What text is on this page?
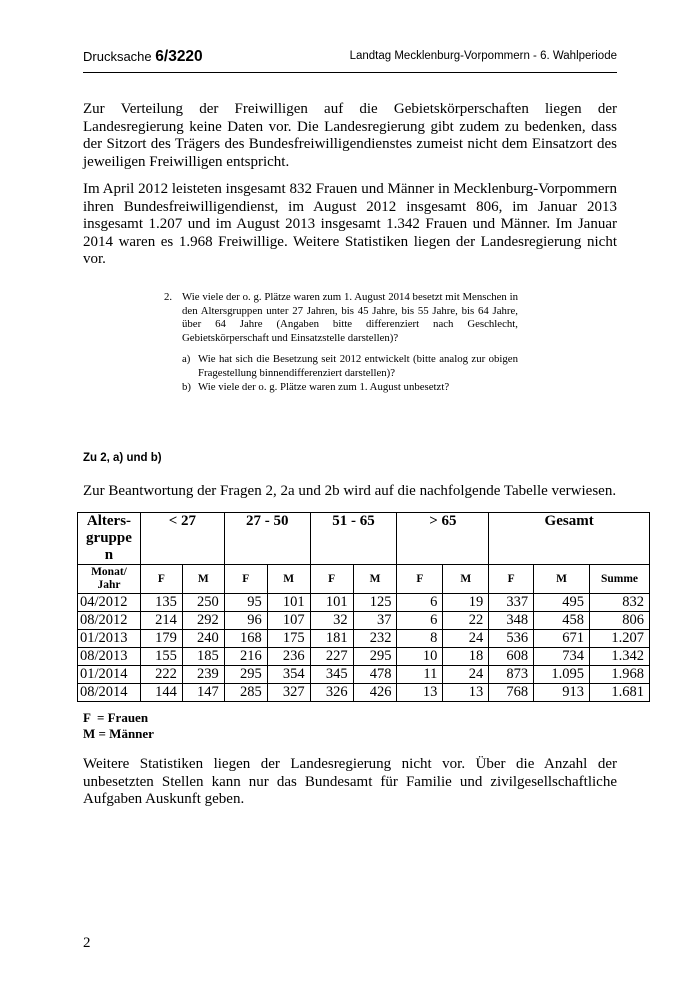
Drucksache 6/3220	Landtag Mecklenburg-Vorpommern - 6. Wahlperiode

Zur Verteilung der Freiwilligen auf die Gebietskörperschaften liegen der Landesregierung keine Daten vor. Die Landesregierung gibt zudem zu bedenken, dass der Sitzort des Trägers des Bundesfreiwilligendienstes zumeist nicht dem Einsatzort des jeweiligen Freiwilligen entspricht.

Im April 2012 leisteten insgesamt 832 Frauen und Männer in Mecklenburg-Vorpommern ihren Bundesfreiwilligendienst, im August 2012 insgesamt 806, im Januar 2013 insgesamt 1.207 und im August 2013 insgesamt 1.342 Frauen und Männer. Im Januar 2014 waren es 1.968 Freiwillige. Weitere Statistiken liegen der Landesregierung nicht vor.

2. Wie viele der o. g. Plätze waren zum 1. August 2014 besetzt mit Menschen in den Altersgruppen unter 27 Jahren, bis 45 Jahre, bis 55 Jahre, bis 64 Jahre, über 64 Jahre (Angaben bitte differenziert nach Geschlecht, Gebietskörperschaft und Einsatzstelle darstellen)?

a) Wie hat sich die Besetzung seit 2012 entwickelt (bitte analog zur obigen Fragestellung binnendifferenziert darstellen)?

b) Wie viele der o. g. Plätze waren zum 1. August unbesetzt?

Zu 2, a) und b)

Zur Beantwortung der Fragen 2, 2a und 2b wird auf die nachfolgende Tabelle verwiesen.

Alters-
gruppe
n	< 27		27 - 50		51 - 65		> 65		Gesamt		

Monat/
Jahr	F	M	F	M	F	M	F	M	F	M	Summe
04/2012	135	250	95	101	101	125	6	19	337	495	832
08/2012	214	292	96	107	32	37	6	22	348	458	806
01/2013	179	240	168	175	181	232	8	24	536	671	1.207
08/2013	155	185	216	236	227	295	10	18	608	734	1.342
01/2014	222	239	295	354	345	478	11	24	873	1.095	1.968
08/2014	144	147	285	327	326	426	13	13	768	913	1.681
F  = Frauen
M = Männer

Weitere Statistiken liegen der Landesregierung nicht vor. Über die Anzahl der unbesetzten Stellen kann nur das Bundesamt für Familie und zivilgesellschaftliche Aufgaben Auskunft geben.

2
